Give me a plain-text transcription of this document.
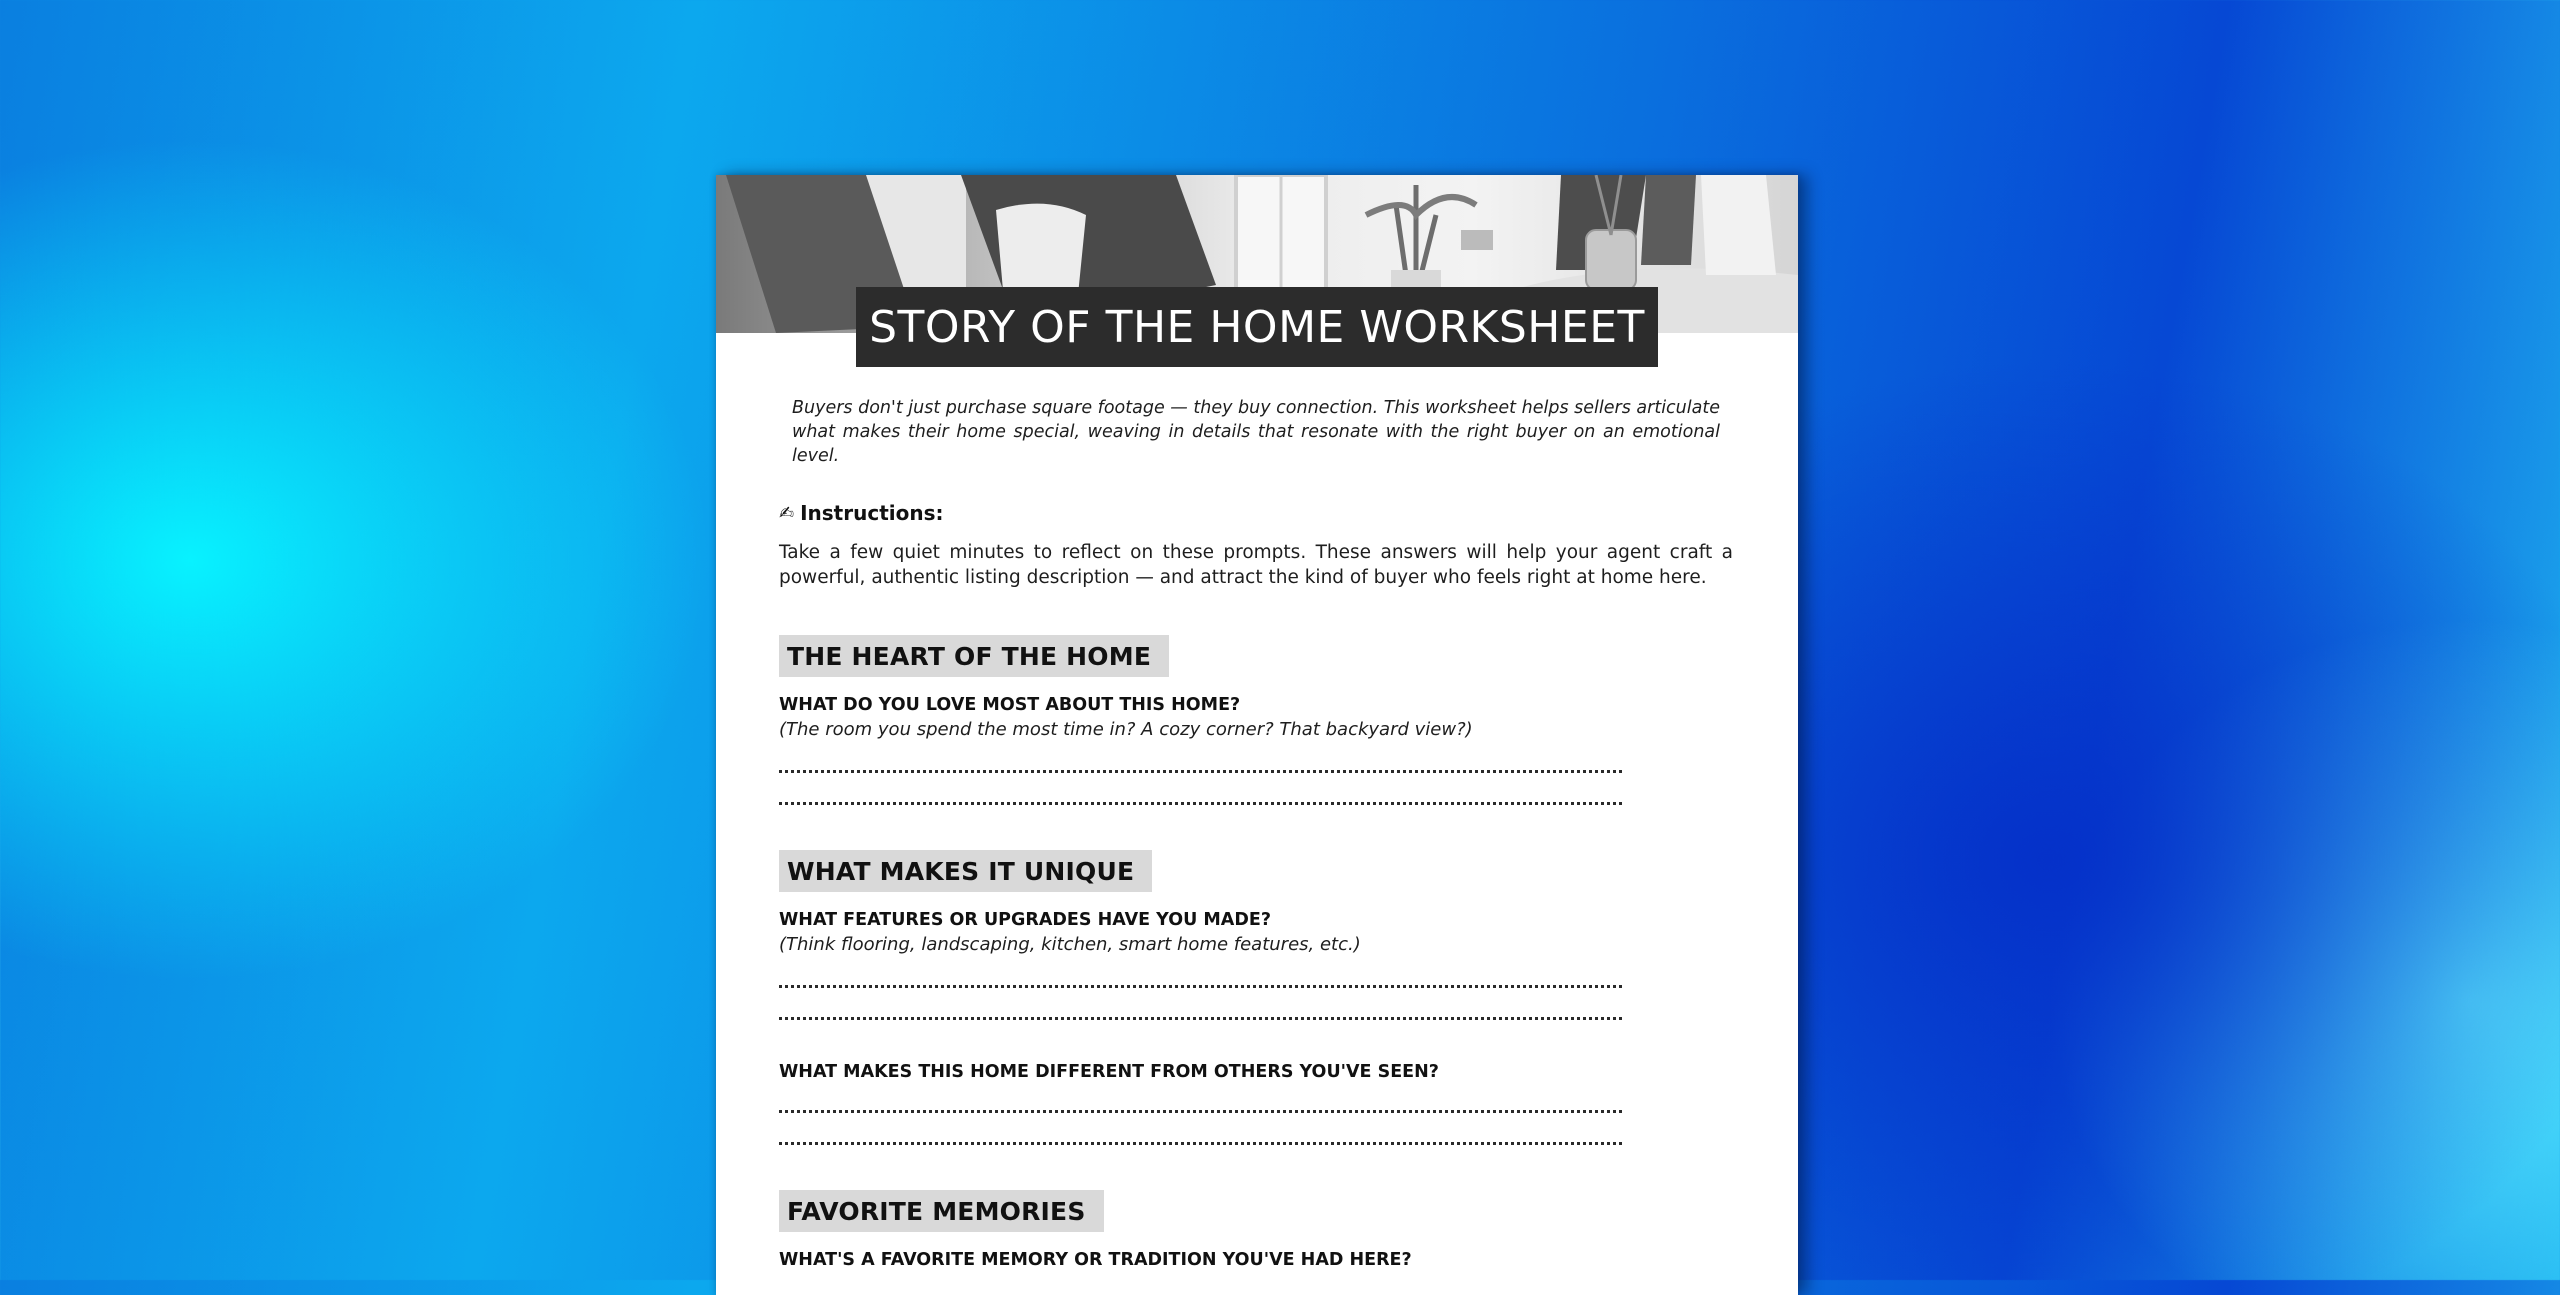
STORY OF THE HOME WORKSHEET

Buyers don't just purchase square footage — they buy connection. This worksheet helps sellers articulate what makes their home special, weaving in details that resonate with the right buyer on an emotional level.

✍ Instructions:

Take a few quiet minutes to reflect on these prompts. These answers will help your agent craft a powerful, authentic listing description — and attract the kind of buyer who feels right at home here.

THE HEART OF THE HOME
WHAT DO YOU LOVE MOST ABOUT THIS HOME?
(The room you spend the most time in? A cozy corner? That backyard view?)
WHAT MAKES IT UNIQUE
WHAT FEATURES OR UPGRADES HAVE YOU MADE?
(Think flooring, landscaping, kitchen, smart home features, etc.)
WHAT MAKES THIS HOME DIFFERENT FROM OTHERS YOU'VE SEEN?
FAVORITE MEMORIES
WHAT'S A FAVORITE MEMORY OR TRADITION YOU'VE HAD HERE?
